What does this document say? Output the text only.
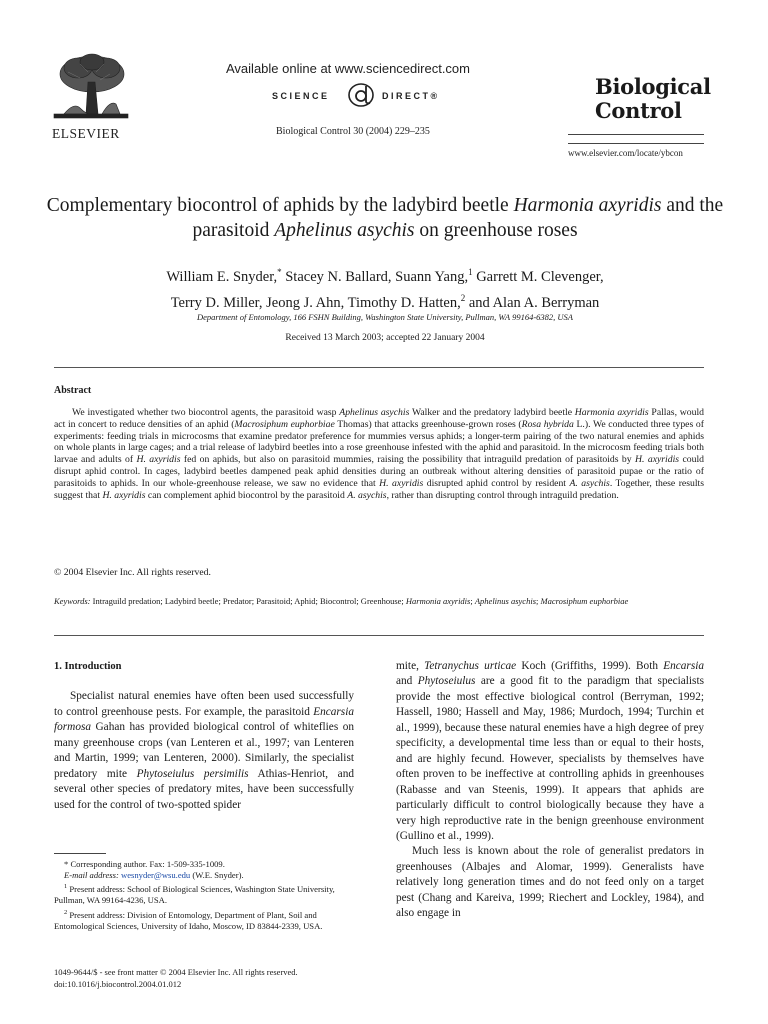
ELSEVIER
Available online at www.sciencedirect.com
SCIENCE	DIRECT®
Biological Control 30 (2004) 229–235
Biological
Control
www.elsevier.com/locate/ybcon
Complementary biocontrol of aphids by the ladybird beetle Harmonia axyridis and the parasitoid Aphelinus asychis on greenhouse roses
William E. Snyder,* Stacey N. Ballard, Suann Yang,$^1$ Garrett M. Clevenger,
Terry D. Miller, Jeong J. Ahn, Timothy D. Hatten,$^2$ and Alan A. Berryman
Department of Entomology, 166 FSHN Building, Washington State University, Pullman, WA 99164-6382, USA
Received 13 March 2003; accepted 22 January 2004
Abstract
We investigated whether two biocontrol agents, the parasitoid wasp Aphelinus asychis Walker and the predatory ladybird beetle Harmonia axyridis Pallas, would act in concert to reduce densities of an aphid (Macrosiphum euphorbiae Thomas) that attacks greenhouse-grown roses (Rosa hybrida L.). We conducted three types of experiments: feeding trials in microcosms that examine predator preference for mummies versus aphids; a longer-term pairing of the two natural enemies and aphids on whole plants in large cages; and a trial release of ladybird beetles into a rose greenhouse infested with the aphid and parasitoid. In the microcosm feeding trials both larvae and adults of H. axyridis fed on aphids, but also on parasitoid mummies, raising the possibility that intraguild predation of parasitoids by H. axyridis could disrupt aphid control. In cages, ladybird beetles dampened peak aphid densities during an outbreak without altering densities of parasitoid pupae or the ratio of parasitoids to aphids. In our whole-greenhouse release, we saw no evidence that H. axyridis disrupted aphid control by resident A. asychis. Together, these results suggest that H. axyridis can complement aphid biocontrol by the parasitoid A. asychis, rather than disrupting control through intraguild predation.
© 2004 Elsevier Inc. All rights reserved.
Keywords: Intraguild predation; Ladybird beetle; Predator; Parasitoid; Aphid; Biocontrol; Greenhouse; Harmonia axyridis; Aphelinus asychis; Macrosiphum euphorbiae
1. Introduction

Specialist natural enemies have often been used successfully to control greenhouse pests. For example, the parasitoid Encarsia formosa Gahan has provided biological control of whiteflies on many greenhouse crops (van Lenteren et al., 1997; van Lenteren and Martin, 1999; van Lenteren, 2000). Similarly, the specialist predatory mite Phytoseiulus persimilis Athias-Henriot, and several other species of predatory mites, have been successfully used for the control of two-spotted spider

* Corresponding author. Fax: 1-509-335-1009.
E-mail address: wesnyder@wsu.edu (W.E. Snyder).
$^1$ Present address: School of Biological Sciences, Washington State University, Pullman, WA 99164-4236, USA.
$^2$ Present address: Division of Entomology, Department of Plant, Soil and Entomological Sciences, University of Idaho, Moscow, ID 83844-2339, USA.
1049-9644/$ - see front matter © 2004 Elsevier Inc. All rights reserved.
doi:10.1016/j.biocontrol.2004.01.012

mite, Tetranychus urticae Koch (Griffiths, 1999). Both Encarsia and Phytoseiulus are a good fit to the paradigm that specialists provide the most effective biological control (Berryman, 1992; Hassell, 1980; Hassell and May, 1986; Murdoch, 1994; Turchin et al., 1999), because these natural enemies have a high degree of prey specificity, a developmental time less than or equal to their hosts, and are highly fecund. However, specialists by themselves have often proven to be ineffective at controlling aphids in greenhouses (Rabasse and van Steenis, 1999). It appears that aphids are particularly difficult to control biologically because they have a very high reproductive rate in the benign greenhouse environment (Gullino et al., 1999).

Much less is known about the role of generalist predators in greenhouses (Albajes and Alomar, 1999). Generalists have relatively long generation times and do not feed only on a target pest (Chang and Kareiva, 1999; Riechert and Lockley, 1984), and also engage in
